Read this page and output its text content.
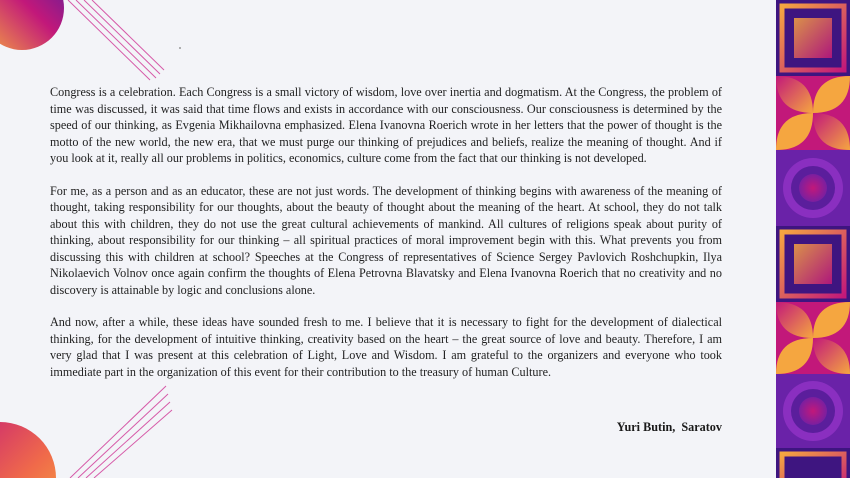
Congress is a celebration. Each Congress is a small victory of wisdom, love over inertia and dogmatism. At the Congress, the problem of time was discussed, it was said that time flows and exists in accordance with our consciousness. Our consciousness is determined by the speed of our thinking, as Evgenia Mikhailovna emphasized. Elena Ivanovna Roerich wrote in her letters that the power of thought is the motto of the new world, the new era, that we must purge our thinking of prejudices and beliefs, realize the meaning of thought. And if you look at it, really all our problems in politics, economics, culture come from the fact that our thinking is not developed.

For me, as a person and as an educator, these are not just words. The development of thinking begins with awareness of the meaning of thought, taking responsibility for our thoughts, about the beauty of thought about the meaning of the heart. At school, they do not talk about this with children, they do not use the great cultural achievements of mankind. All cultures of religions speak about purity of thinking, about responsibility for our thinking – all spiritual practices of moral improvement begin with this. What prevents you from discussing this with children at school? Speeches at the Congress of representatives of Science Sergey Pavlovich Roshchupkin, Ilya Nikolaevich Volnov once again confirm the thoughts of Elena Petrovna Blavatsky and Elena Ivanovna Roerich that no creativity and no discovery is attainable by logic and conclusions alone.

And now, after a while, these ideas have sounded fresh to me. I believe that it is necessary to fight for the development of dialectical thinking, for the development of intuitive thinking, creativity based on the heart – the great source of love and beauty. Therefore, I am very glad that I was present at this celebration of Light, Love and Wisdom. I am grateful to the organizers and everyone who took immediate part in the organization of this event for their contribution to the treasury of human Culture.

Yuri Butin,  Saratov
